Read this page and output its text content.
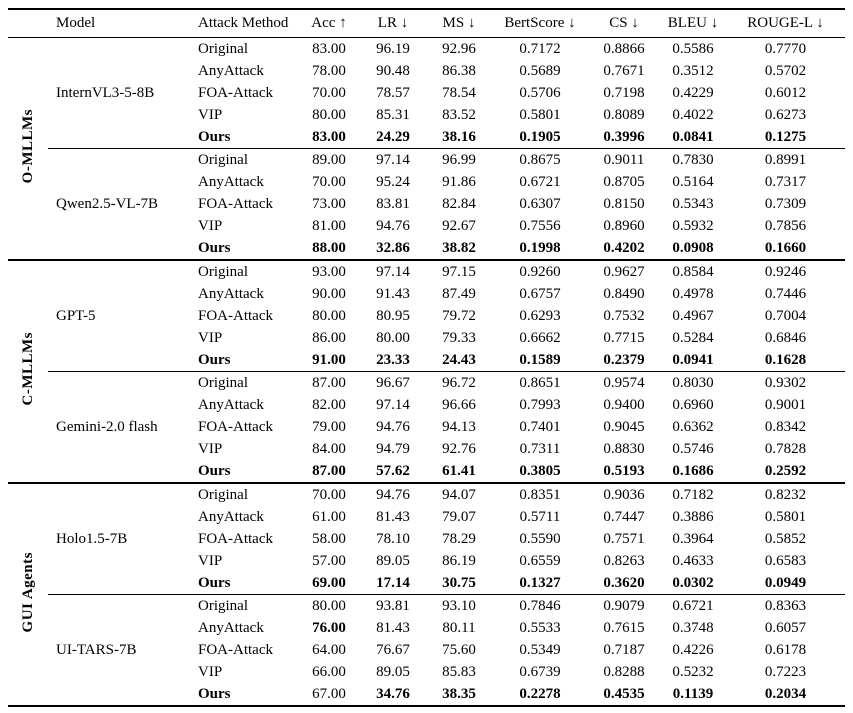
	Model	Attack Method	Acc ↑	LR ↓	MS ↓	BertScore ↓	CS ↓	BLEU ↓	ROUGE-L ↓
O-MLLMs	InternVL3-5-8B	Original	83.00	96.19	92.96	0.7172	0.8866	0.5586	0.7770
		AnyAttack	78.00	90.48	86.38	0.5689	0.7671	0.3512	0.5702
		FOA-Attack	70.00	78.57	78.54	0.5706	0.7198	0.4229	0.6012
		VIP	80.00	85.31	83.52	0.5801	0.8089	0.4022	0.6273
		Ours	83.00	24.29	38.16	0.1905	0.3996	0.0841	0.1275
	Qwen2.5-VL-7B	Original	89.00	97.14	96.99	0.8675	0.9011	0.7830	0.8991
		AnyAttack	70.00	95.24	91.86	0.6721	0.8705	0.5164	0.7317
		FOA-Attack	73.00	83.81	82.84	0.6307	0.8150	0.5343	0.7309
		VIP	81.00	94.76	92.67	0.7556	0.8960	0.5932	0.7856
		Ours	88.00	32.86	38.82	0.1998	0.4202	0.0908	0.1660
C-MLLMs	GPT-5	Original	93.00	97.14	97.15	0.9260	0.9627	0.8584	0.9246
		AnyAttack	90.00	91.43	87.49	0.6757	0.8490	0.4978	0.7446
		FOA-Attack	80.00	80.95	79.72	0.6293	0.7532	0.4967	0.7004
		VIP	86.00	80.00	79.33	0.6662	0.7715	0.5284	0.6846
		Ours	91.00	23.33	24.43	0.1589	0.2379	0.0941	0.1628
	Gemini-2.0 flash	Original	87.00	96.67	96.72	0.8651	0.9574	0.8030	0.9302
		AnyAttack	82.00	97.14	96.66	0.7993	0.9400	0.6960	0.9001
		FOA-Attack	79.00	94.76	94.13	0.7401	0.9045	0.6362	0.8342
		VIP	84.00	94.79	92.76	0.7311	0.8830	0.5746	0.7828
		Ours	87.00	57.62	61.41	0.3805	0.5193	0.1686	0.2592
GUI Agents	Holo1.5-7B	Original	70.00	94.76	94.07	0.8351	0.9036	0.7182	0.8232
		AnyAttack	61.00	81.43	79.07	0.5711	0.7447	0.3886	0.5801
		FOA-Attack	58.00	78.10	78.29	0.5590	0.7571	0.3964	0.5852
		VIP	57.00	89.05	86.19	0.6559	0.8263	0.4633	0.6583
		Ours	69.00	17.14	30.75	0.1327	0.3620	0.0302	0.0949
	UI-TARS-7B	Original	80.00	93.81	93.10	0.7846	0.9079	0.6721	0.8363
		AnyAttack	76.00	81.43	80.11	0.5533	0.7615	0.3748	0.6057
		FOA-Attack	64.00	76.67	75.60	0.5349	0.7187	0.4226	0.6178
		VIP	66.00	89.05	85.83	0.6739	0.8288	0.5232	0.7223
		Ours	67.00	34.76	38.35	0.2278	0.4535	0.1139	0.2034
